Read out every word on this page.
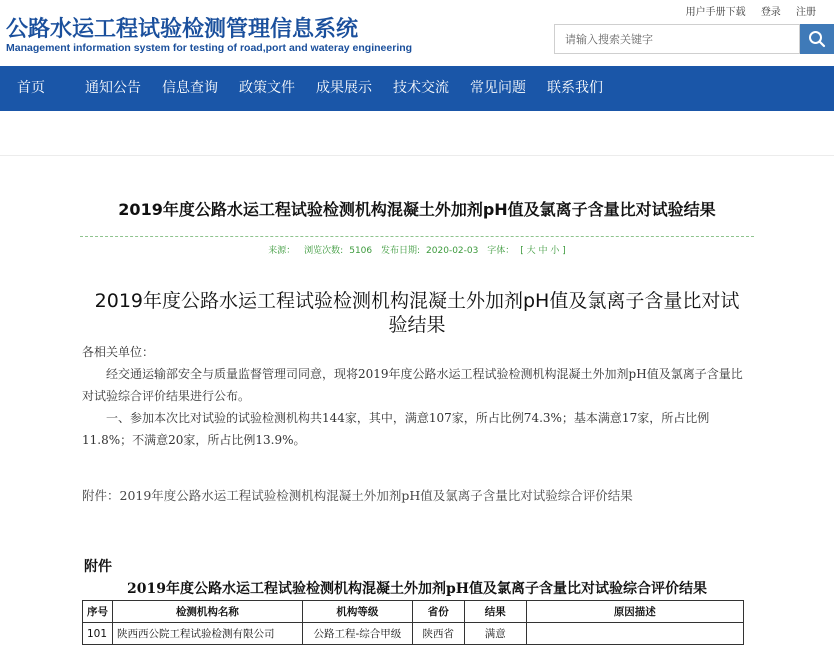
公路水运工程试验检测管理信息系统
Management information system for testing of road,port and wateray engineering
用户手册下载 登录 注册
请输入搜索关键字
首页	通知公告 信息查询 政策文件 成果展示 技术交流 常见问题 联系我们
2019年度公路水运工程试验检测机构混凝土外加剂pH值及氯离子含量比对试验结果
来源： 浏览次数: 5106 发布日期: 2020-02-03 字体： [ 大 中 小 ]
2019年度公路水运工程试验检测机构混凝土外加剂pH值及氯离子含量比对试验结果
各相关单位：
经交通运输部安全与质量监督管理司同意，现将2019年度公路水运工程试验检测机构混凝土外加剂pH值及氯离子含量比对试验综合评价结果进行公布。
一、参加本次比对试验的试验检测机构共144家，其中，满意107家，所占比例74.3%；基本满意17家，所占比例11.8%；不满意20家，所占比例13.9%。
附件：2019年度公路水运工程试验检测机构混凝土外加剂pH值及氯离子含量比对试验综合评价结果
附件
2019年度公路水运工程试验检测机构混凝土外加剂pH值及氯离子含量比对试验综合评价结果
序号	检测机构名称	机构等级	省份	结果	原因描述
101	陕西西公院工程试验检测有限公司	公路工程-综合甲级	陕西省	满意	
